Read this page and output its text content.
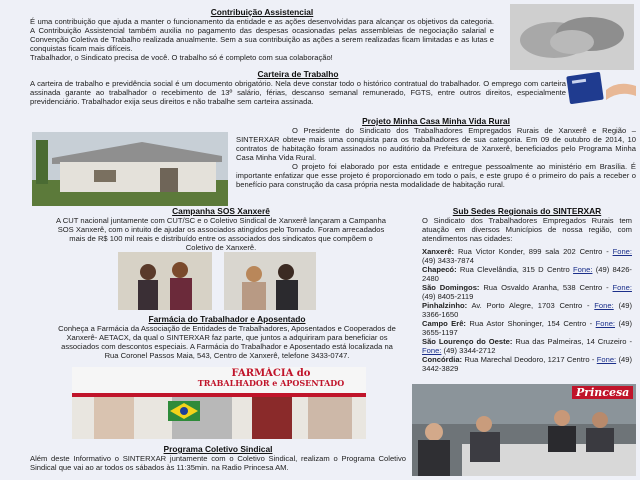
Contribuição Assistencial

É uma contribuição que ajuda a manter o funcionamento da entidade e as ações desenvolvidas para alcançar os objetivos da categoria. A Contribuição Assistencial também auxilia no pagamento das despesas ocasionadas pelas assembleias de negociação salarial e Convenção Coletiva de Trabalho realizada anualmente. Sem a sua contribuição as ações a serem realizadas ficam limitadas e as lutas e conquistas ficam mais difíceis.

Trabalhador, o Sindicato precisa de você. O trabalho só é completo com sua colaboração!

Carteira de Trabalho

A carteira de trabalho e previdência social é um documento obrigatório. Nela deve constar todo o histórico contratual do trabalhador. O emprego com carteira assinada garante ao trabalhador o recebimento de 13º salário, férias, descanso semanal remunerado, FGTS, entre outros direitos, especialmente previdenciário. Trabalhador exija seus direitos e não trabalhe sem carteira assinada.

Projeto Minha Casa Minha Vida Rural

O Presidente do Sindicato dos Trabalhadores Empregados Rurais de Xanxerê e Região – SINTERXAR obteve mais uma conquista para os trabalhadores de sua categoria. Em 09 de outubro de 2014, 10 contratos de habitação foram assinados no auditório da Prefeitura de Xanxerê, beneficiados pelo Programa Minha Casa Minha Vida Rural.

O projeto foi elaborado por esta entidade e entregue pessoalmente ao ministério em Brasília. É importante enfatizar que esse projeto é proporcionado em todo o país, e este grupo é o primeiro do país a receber o benefício para construção da casa própria nesta modalidade de habitação rural.

Campanha SOS Xanxerê

A CUT nacional juntamente com CUT/SC e o Coletivo Sindical de Xanxerê lançaram a Campanha SOS Xanxerê, com o intuito de ajudar os associados atingidos pelo Tornado. Foram arrecadados mais de R$ 100 mil reais e distribuído entre os associados dos sindicatos que compõem o Coletivo de Xanxerê.

Farmácia do Trabalhador e Aposentado

Conheça a Farmácia da Associação de Entidades de Trabalhadores, Aposentados e Cooperados de Xanxerê- AETACX, da qual o SINTERXAR faz parte, que juntos a adquiriram para beneficiar os associados com descontos especiais. A Farmácia do Trabalhador e Aposentado está localizada na Rua Coronel Passos Maia, 543, Centro de Xanxerê, telefone 3433-0747.

FARMÁCIA do
TRABALHADOR e APOSENTADO
Programa Coletivo Sindical

Além deste Informativo o SINTERXAR juntamente com o Coletivo Sindical, realizam o Programa Coletivo Sindical que vai ao ar todos os sábados às 11:35min. na Radio Princesa AM.

Sub Sedes Regionais do SINTERXAR

O Sindicato dos Trabalhadores Empregados Rurais tem atuação em diversos Municípios de nossa região, com atendimentos nas cidades:

Xanxerê: Rua Victor Konder, 899 sala 202 Centro - Fone: (49) 3433-7874

Chapecó: Rua Clevelândia, 315 D Centro Fone: (49) 8426-2480

São Domingos: Rua Osvaldo Aranha, 538 Centro - Fone: (49) 8405-2119

Pinhalzinho: Av. Porto Alegre, 1703 Centro - Fone: (49) 3366-1650

Campo Erê: Rua Astor Shoninger, 154 Centro - Fone: (49) 3655-1197

São Lourenço do Oeste: Rua das Palmeiras, 14 Cruzeiro - Fone: (49) 3344-2712

Concórdia: Rua Marechal Deodoro, 1217 Centro - Fone: (49) 3442-3829

Princesa
